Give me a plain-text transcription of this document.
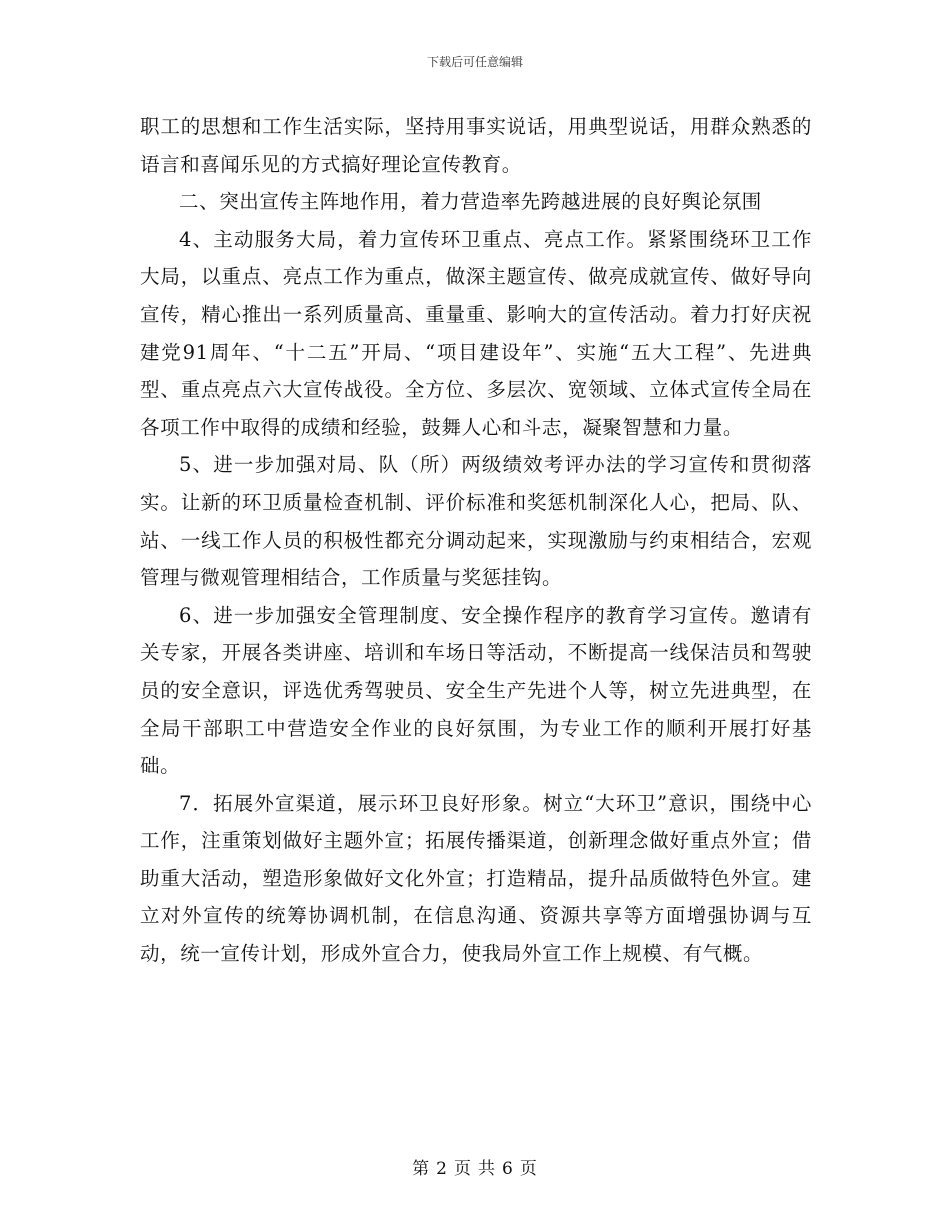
下载后可任意编辑

职工的思想和工作生活实际，坚持用事实说话，用典型说话，用群众熟悉的语言和喜闻乐见的方式搞好理论宣传教育。

二、突出宣传主阵地作用，着力营造率先跨越进展的良好舆论氛围

4、主动服务大局，着力宣传环卫重点、亮点工作。紧紧围绕环卫工作大局，以重点、亮点工作为重点，做深主题宣传、做亮成就宣传、做好导向宣传，精心推出一系列质量高、重量重、影响大的宣传活动。着力打好庆祝建党91周年、“十二五”开局、“项目建设年”、实施“五大工程”、先进典型、重点亮点六大宣传战役。全方位、多层次、宽领域、立体式宣传全局在各项工作中取得的成绩和经验，鼓舞人心和斗志，凝聚智慧和力量。

5、进一步加强对局、队（所）两级绩效考评办法的学习宣传和贯彻落实。让新的环卫质量检查机制、评价标准和奖惩机制深化人心，把局、队、站、一线工作人员的积极性都充分调动起来，实现激励与约束相结合，宏观管理与微观管理相结合，工作质量与奖惩挂钩。

6、进一步加强安全管理制度、安全操作程序的教育学习宣传。邀请有关专家，开展各类讲座、培训和车场日等活动，不断提高一线保洁员和驾驶员的安全意识，评选优秀驾驶员、安全生产先进个人等，树立先进典型，在全局干部职工中营造安全作业的良好氛围，为专业工作的顺利开展打好基础。

7．拓展外宣渠道，展示环卫良好形象。树立“大环卫”意识，围绕中心工作，注重策划做好主题外宣；拓展传播渠道，创新理念做好重点外宣；借助重大活动，塑造形象做好文化外宣；打造精品，提升品质做特色外宣。建立对外宣传的统筹协调机制，在信息沟通、资源共享等方面增强协调与互动，统一宣传计划，形成外宣合力，使我局外宣工作上规模、有气概。

第 2 页 共 6 页
